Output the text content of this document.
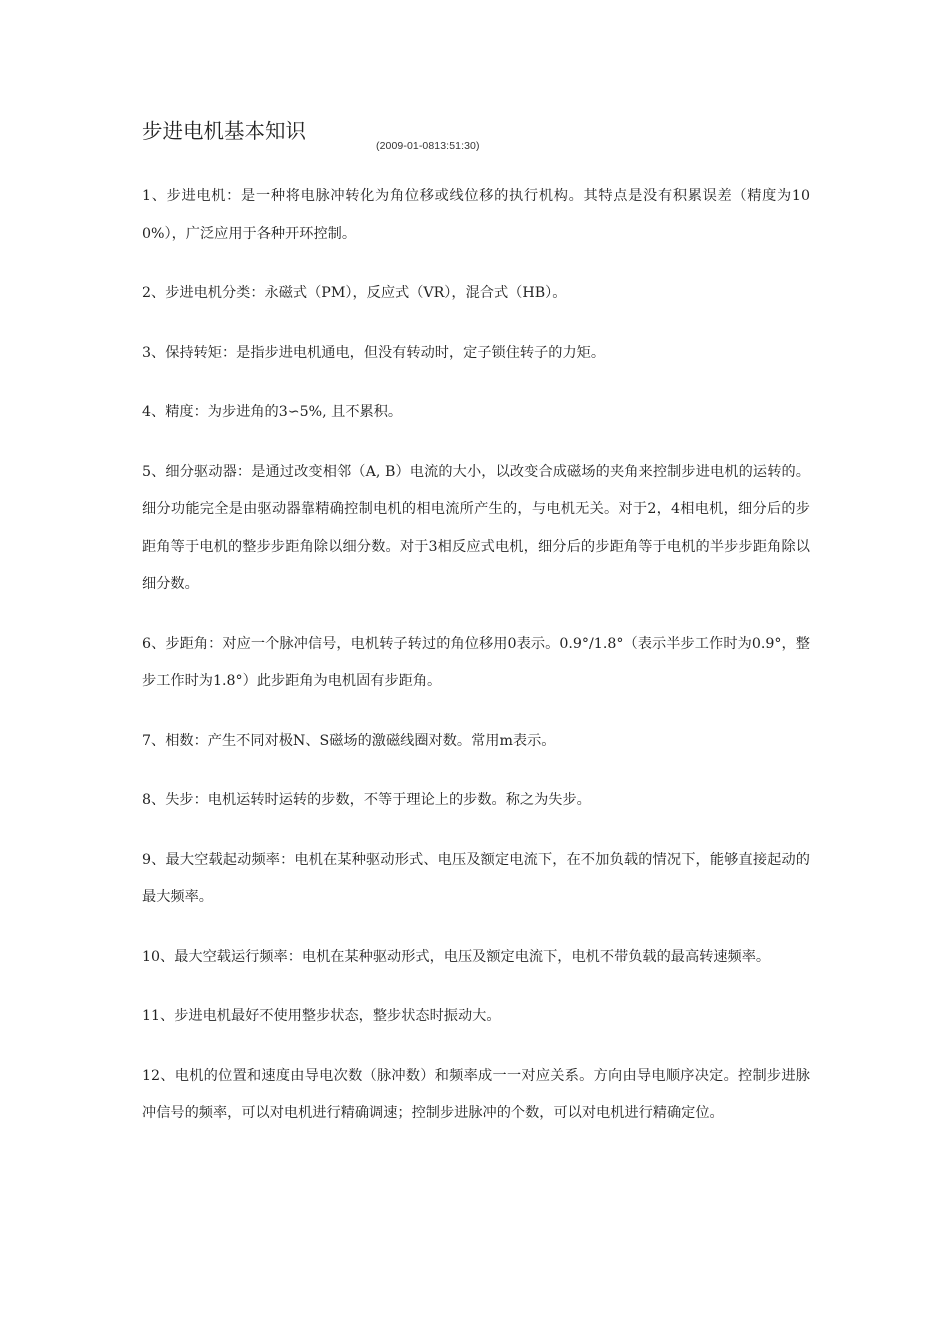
步进电机基本知识
(2009-01-0813:51:30)

1、步进电机：是一种将电脉冲转化为角位移或线位移的执行机构。其特点是没有积累误差（精度为100%），广泛应用于各种开环控制。

2、步进电机分类：永磁式（PM），反应式（VR），混合式（HB）。

3、保持转矩：是指步进电机通电，但没有转动时，定子锁住转子的力矩。

4、精度：为步进角的3∽5%, 且不累积。

5、细分驱动器：是通过改变相邻（A, B）电流的大小，以改变合成磁场的夹角来控制步进电机的运转的。细分功能完全是由驱动器靠精确控制电机的相电流所产生的，与电机无关。对于2，4相电机，细分后的步距角等于电机的整步步距角除以细分数。对于3相反应式电机，细分后的步距角等于电机的半步步距角除以细分数。

6、步距角：对应一个脉冲信号，电机转子转过的角位移用0表示。0.9°/1.8°（表示半步工作时为0.9°，整步工作时为1.8°）此步距角为电机固有步距角。

7、相数：产生不同对极N、S磁场的激磁线圈对数。常用m表示。

8、失步：电机运转时运转的步数，不等于理论上的步数。称之为失步。

9、最大空载起动频率：电机在某种驱动形式、电压及额定电流下，在不加负载的情况下，能够直接起动的最大频率。

10、最大空载运行频率：电机在某种驱动形式，电压及额定电流下，电机不带负载的最高转速频率。

11、步进电机最好不使用整步状态，整步状态时振动大。

12、电机的位置和速度由导电次数（脉冲数）和频率成一一对应关系。方向由导电顺序决定。控制步进脉冲信号的频率，可以对电机进行精确调速；控制步进脉冲的个数，可以对电机进行精确定位。
